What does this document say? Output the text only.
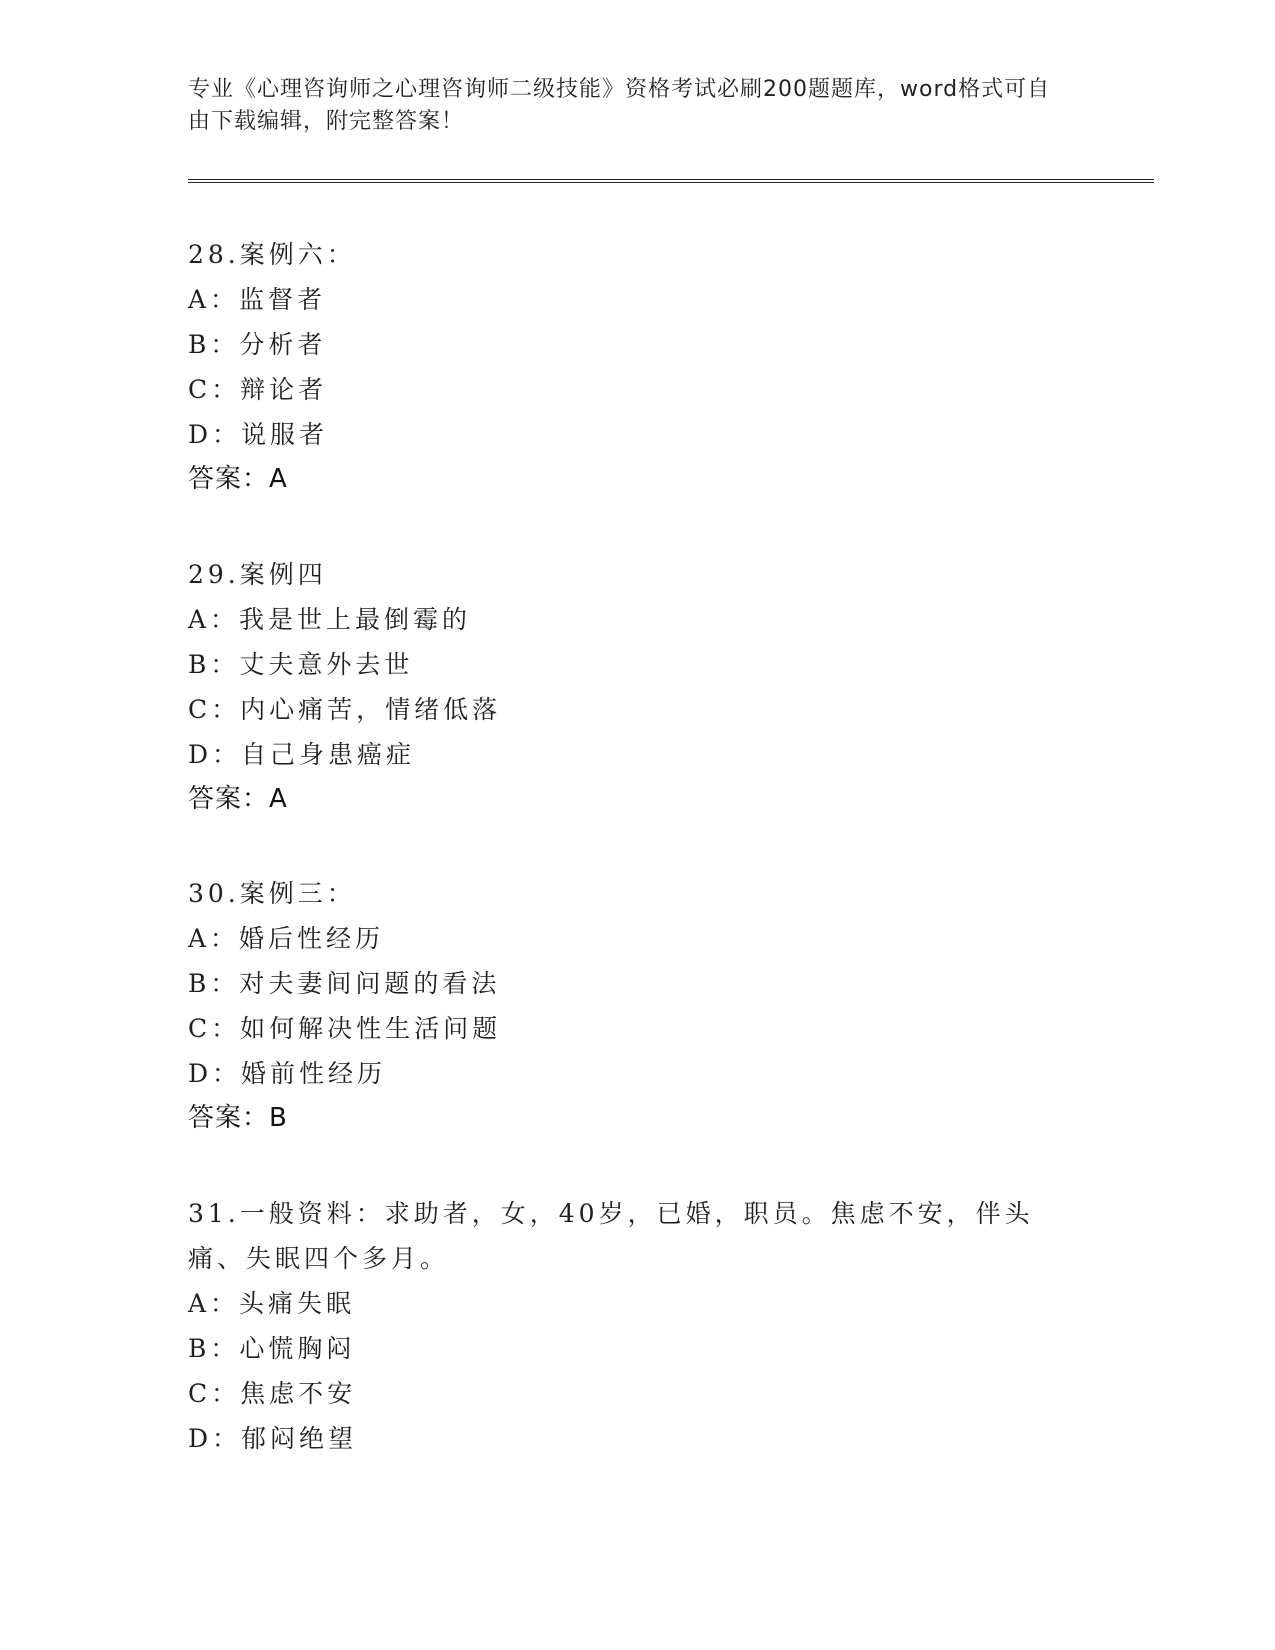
专业《心理咨询师之心理咨询师二级技能》资格考试必刷200题题库，word格式可自由下载编辑，附完整答案！
28.案例六：
A：监督者
B：分析者
C：辩论者
D：说服者
答案：A
29.案例四
A：我是世上最倒霉的
B：丈夫意外去世
C：内心痛苦，情绪低落
D：自己身患癌症
答案：A
30.案例三：
A：婚后性经历
B：对夫妻间问题的看法
C：如何解决性生活问题
D：婚前性经历
答案：B
31.一般资料：求助者，女，40岁，已婚，职员。焦虑不安，伴头痛、失眠四个多月。
A：头痛失眠
B：心慌胸闷
C：焦虑不安
D：郁闷绝望
